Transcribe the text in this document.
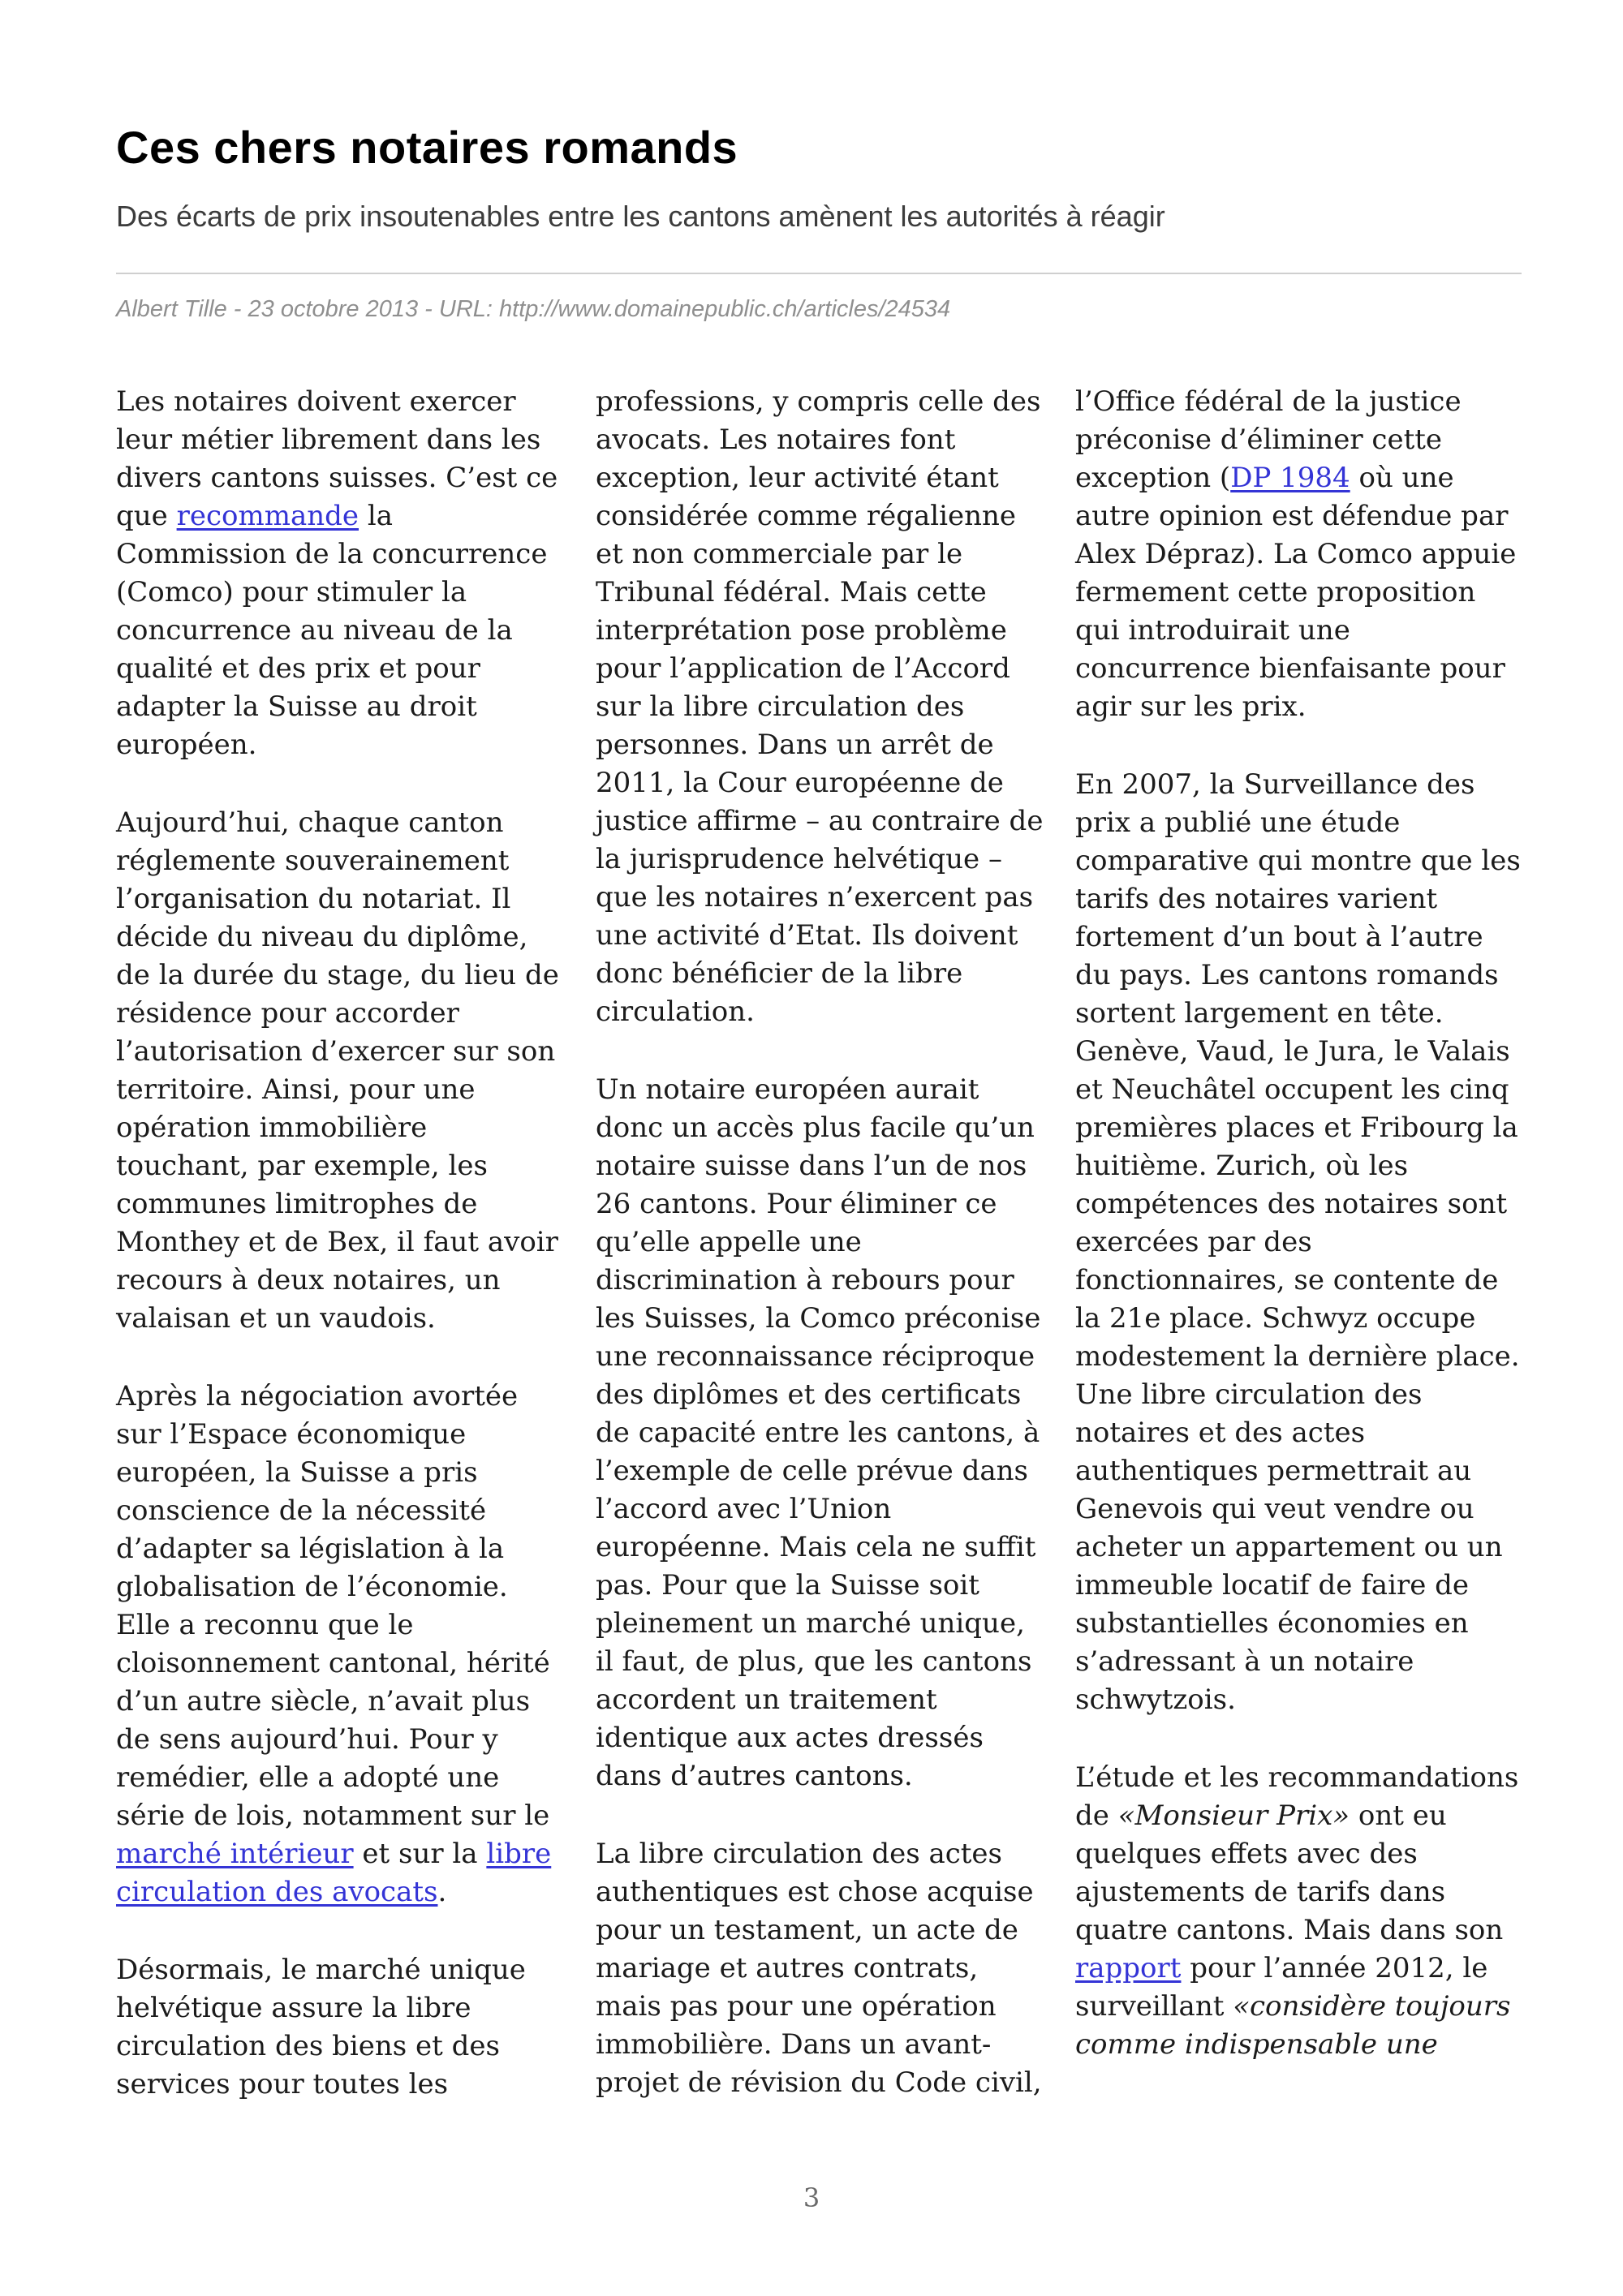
Ces chers notaires romands
Des écarts de prix insoutenables entre les cantons amènent les autorités à réagir
Albert Tille - 23 octobre 2013 - URL: http://www.domainepublic.ch/articles/24534

Les notaires doivent exercer leur métier librement dans les divers cantons suisses. C’est ce que recommande la Commission de la concurrence (Comco) pour stimuler la concurrence au niveau de la qualité et des prix et pour adapter la Suisse au droit européen.

Aujourd’hui, chaque canton réglemente souverainement l’organisation du notariat. Il décide du niveau du diplôme, de la durée du stage, du lieu de résidence pour accorder l’autorisation d’exercer sur son territoire. Ainsi, pour une opération immobilière touchant, par exemple, les communes limitrophes de Monthey et de Bex, il faut avoir recours à deux notaires, un valaisan et un vaudois.

Après la négociation avortée sur l’Espace économique européen, la Suisse a pris conscience de la nécessité d’adapter sa législation à la globalisation de l’économie. Elle a reconnu que le cloisonnement cantonal, hérité d’un autre siècle, n’avait plus de sens aujourd’hui. Pour y remédier, elle a adopté une série de lois, notamment sur le marché intérieur et sur la libre circulation des avocats.

Désormais, le marché unique helvétique assure la libre circulation des biens et des services pour toutes les

professions, y compris celle des avocats. Les notaires font exception, leur activité étant considérée comme régalienne et non commerciale par le Tribunal fédéral. Mais cette interprétation pose problème pour l’application de l’Accord sur la libre circulation des personnes. Dans un arrêt de 2011, la Cour européenne de justice affirme – au contraire de la jurisprudence helvétique – que les notaires n’exercent pas une activité d’Etat. Ils doivent donc bénéficier de la libre circulation.

Un notaire européen aurait donc un accès plus facile qu’un notaire suisse dans l’un de nos 26 cantons. Pour éliminer ce qu’elle appelle une discrimination à rebours pour les Suisses, la Comco préconise une reconnaissance réciproque des diplômes et des certificats de capacité entre les cantons, à l’exemple de celle prévue dans l’accord avec l’Union européenne. Mais cela ne suffit pas. Pour que la Suisse soit pleinement un marché unique, il faut, de plus, que les cantons accordent un traitement identique aux actes dressés dans d’autres cantons.

La libre circulation des actes authentiques est chose acquise pour un testament, un acte de mariage et autres contrats, mais pas pour une opération immobilière. Dans un avant-projet de révision du Code civil,

l’Office fédéral de la justice préconise d’éliminer cette exception (DP 1984 où une autre opinion est défendue par Alex Dépraz). La Comco appuie fermement cette proposition qui introduirait une concurrence bienfaisante pour agir sur les prix.

En 2007, la Surveillance des prix a publié une étude comparative qui montre que les tarifs des notaires varient fortement d’un bout à l’autre du pays. Les cantons romands sortent largement en tête. Genève, Vaud, le Jura, le Valais et Neuchâtel occupent les cinq premières places et Fribourg la huitième. Zurich, où les compétences des notaires sont exercées par des fonctionnaires, se contente de la 21e place. Schwyz occupe modestement la dernière place. Une libre circulation des notaires et des actes authentiques permettrait au Genevois qui veut vendre ou acheter un appartement ou un immeuble locatif de faire de substantielles économies en s’adressant à un notaire schwytzois.

L’étude et les recommandations de «Monsieur Prix» ont eu quelques effets avec des ajustements de tarifs dans quatre cantons. Mais dans son rapport pour l’année 2012, le surveillant «considère toujours comme indispensable une

3
